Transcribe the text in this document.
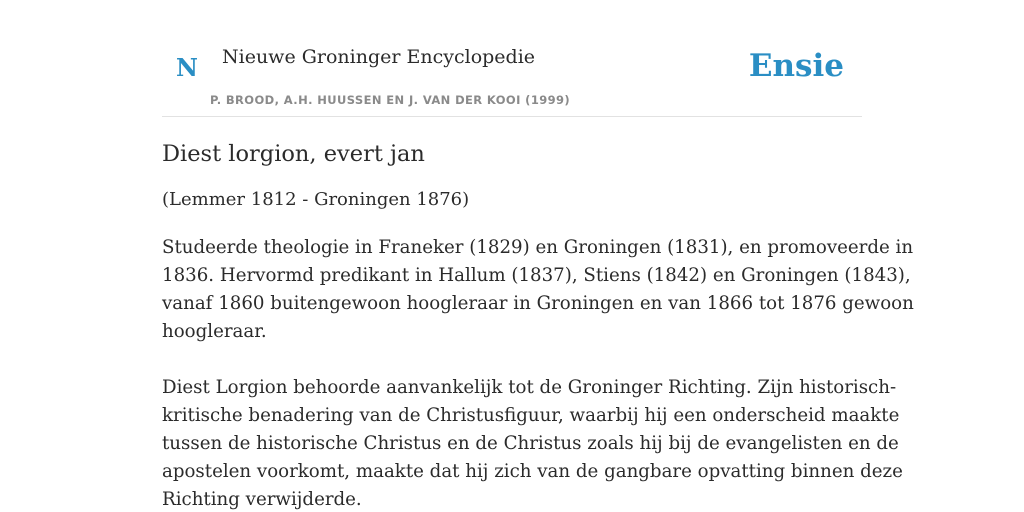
N Nieuwe Groninger Encyclopedie
P. BROOD, A.H. HUUSSEN EN J. VAN DER KOOI (1999)
Ensie
Diest lorgion, evert jan

(Lemmer 1812 - Groningen 1876)

Studeerde theologie in Franeker (1829) en Groningen (1831), en promoveerde in
1836. Hervormd predikant in Hallum (1837), Stiens (1842) en Groningen (1843),
vanaf 1860 buitengewoon hoogleraar in Groningen en van 1866 tot 1876 gewoon
hoogleraar.

Diest Lorgion behoorde aanvankelijk tot de Groninger Richting. Zijn historisch-
kritische benadering van de Christusfiguur, waarbij hij een onderscheid maakte
tussen de historische Christus en de Christus zoals hij bij de evangelisten en de
apostelen voorkomt, maakte dat hij zich van de gangbare opvatting binnen deze
Richting verwijderde.
